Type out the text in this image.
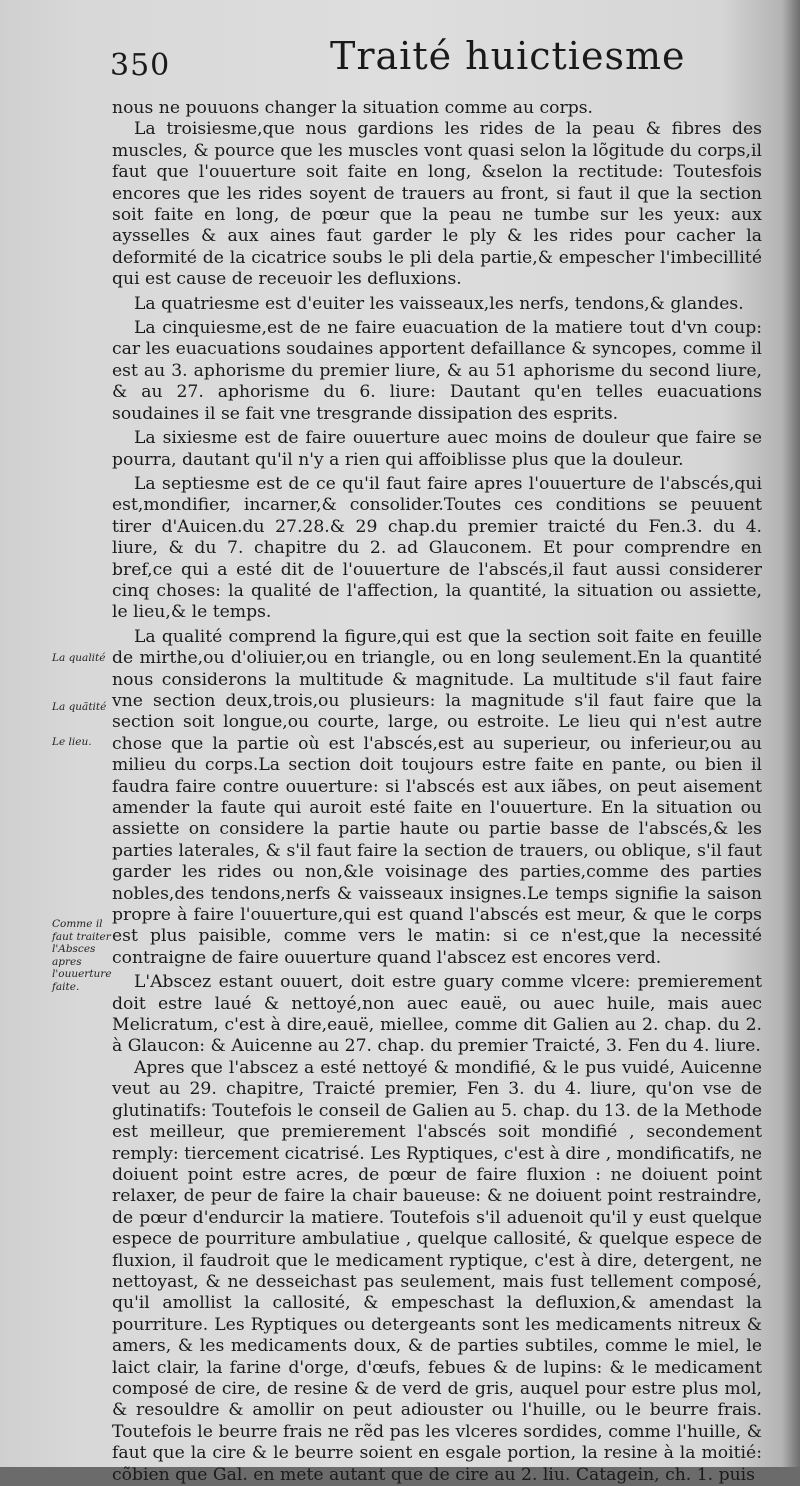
350	Traité huictiesme
La qualité
La quãtité
Le lieu.
Comme il faut traiter l'Absces apres l'ouuerture faite.

nous ne pouuons changer la situation comme au corps.

La troisiesme,que nous gardions les rides de la peau & fibres des muscles, & pource que les muscles vont quasi selon la lõgitude du corps,il faut que l'ouuerture soit faite en long, &selon la rectitude: Toutesfois encores que les rides soyent de trauers au front, si faut il que la section soit faite en long, de pœur que la peau ne tumbe sur les yeux: aux aysselles & aux aines faut garder le ply & les rides pour cacher la deformité de la cicatrice soubs le pli dela partie,& empescher l'imbecillité qui est cause de receuoir les defluxions.

La quatriesme est d'euiter les vaisseaux,les nerfs, tendons,& glandes.

La cinquiesme,est de ne faire euacuation de la matiere tout d'vn coup: car les euacuations soudaines apportent defaillance & syncopes, comme il est au 3. aphorisme du premier liure, & au 51 aphorisme du second liure, & au 27. aphorisme du 6. liure: Dautant qu'en telles euacuations soudaines il se fait vne tresgrande dissipation des esprits.

La sixiesme est de faire ouuerture auec moins de douleur que faire se pourra, dautant qu'il n'y a rien qui affoiblisse plus que la douleur.

La septiesme est de ce qu'il faut faire apres l'ouuerture de l'abscés,qui est,mondifier, incarner,& consolider.Toutes ces conditions se peuuent tirer d'Auicen.du 27.28.& 29 chap.du premier traicté du Fen.3. du 4. liure, & du 7. chapitre du 2. ad Glauconem. Et pour comprendre en bref,ce qui a esté dit de l'ouuerture de l'abscés,il faut aussi considerer cinq choses: la qualité de l'affection, la quantité, la situation ou assiette, le lieu,& le temps.

La qualité comprend la figure,qui est que la section soit faite en feuille de mirthe,ou d'oliuier,ou en triangle, ou en long seulement.En la quantité nous considerons la multitude & magnitude. La multitude s'il faut faire vne section deux,trois,ou plusieurs: la magnitude s'il faut faire que la section soit longue,ou courte, large, ou estroite. Le lieu qui n'est autre chose que la partie où est l'abscés,est au superieur, ou inferieur,ou au milieu du corps.La section doit toujours estre faite en pante, ou bien il faudra faire contre ouuerture: si l'abscés est aux iãbes, on peut aisement amender la faute qui auroit esté faite en l'ouuerture. En la situation ou assiette on considere la partie haute ou partie basse de l'abscés,& les parties laterales, & s'il faut faire la section de trauers, ou oblique, s'il faut garder les rides ou non,&le voisinage des parties,comme des parties nobles,des tendons,nerfs & vaisseaux insignes.Le temps signifie la saison propre à faire l'ouuerture,qui est quand l'abscés est meur, & que le corps est plus paisible, comme vers le matin: si ce n'est,que la necessité contraigne de faire ouuerture quand l'abscez est encores verd.

L'Abscez estant ouuert, doit estre guary comme vlcere: premierement doit estre laué & nettoyé,non auec eauë, ou auec huile, mais auec Melicratum, c'est à dire,eauë, miellee, comme dit Galien au 2. chap. du 2. à Glaucon: & Auicenne au 27. chap. du premier Traicté, 3. Fen du 4. liure.

Apres que l'abscez a esté nettoyé & mondifié, & le pus vuidé, Auicenne veut au 29. chapitre, Traicté premier, Fen 3. du 4. liure, qu'on vse de glutinatifs: Toutefois le conseil de Galien au 5. chap. du 13. de la Methode est meilleur, que premierement l'abscés soit mondifié , secondement remply: tiercement cicatrisé. Les Ryptiques, c'est à dire , mondificatifs, ne doiuent point estre acres, de pœur de faire fluxion : ne doiuent point relaxer, de peur de faire la chair baueuse: & ne doiuent point restraindre, de pœur d'endurcir la matiere. Toutefois s'il aduenoit qu'il y eust quelque espece de pourriture ambulatiue , quelque callosité, & quelque espece de fluxion, il faudroit que le medicament ryptique, c'est à dire, detergent, ne nettoyast, & ne desseichast pas seulement, mais fust tellement composé, qu'il amollist la callosité, & empeschast la defluxion,& amendast la pourriture. Les Ryptiques ou detergeants sont les medicaments nitreux & amers, & les medicaments doux, & de parties subtiles, comme le miel, le laict clair, la farine d'orge, d'œufs, febues & de lupins: & le medicament composé de cire, de resine & de verd de gris, auquel pour estre plus mol, & resouldre & amollir on peut adiouster ou l'huille, ou le beurre frais. Toutefois le beurre frais ne rẽd pas les vlceres sordides, comme l'huille, & faut que la cire & le beurre soient en esgale portion, la resine à la moitié: cõbien que Gal. en mete autant que de cire au 2. liu. Catagein, ch. 1. puis
